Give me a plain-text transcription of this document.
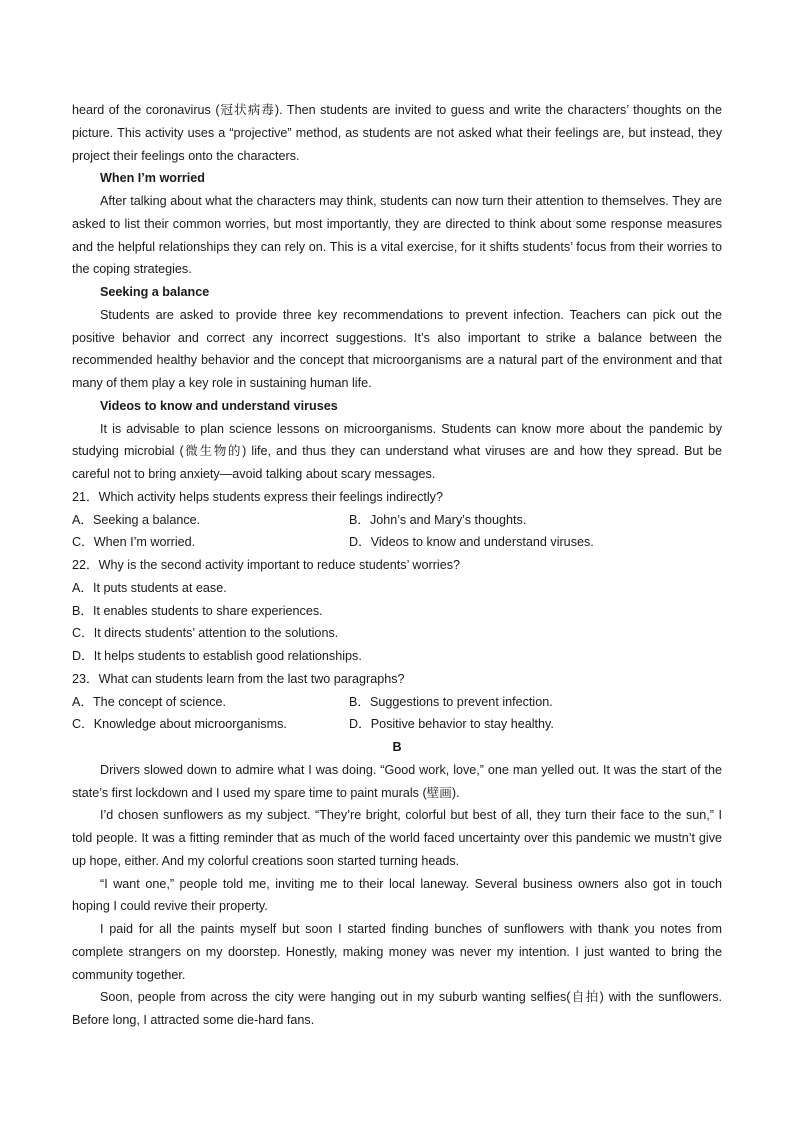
heard of the coronavirus (冠状病毒). Then students are invited to guess and write the characters’ thoughts on the picture. This activity uses a “projective” method, as students are not asked what their feelings are, but instead, they project their feelings onto the characters.

When I’m worried

After talking about what the characters may think, students can now turn their attention to themselves. They are asked to list their common worries, but most importantly, they are directed to think about some response measures and the helpful relationships they can rely on. This is a vital exercise, for it shifts students’ focus from their worries to the coping strategies.

Seeking a balance

Students are asked to provide three key recommendations to prevent infection. Teachers can pick out the positive behavior and correct any incorrect suggestions. It’s also important to strike a balance between the recommended healthy behavior and the concept that microorganisms are a natural part of the environment and that many of them play a key role in sustaining human life.

Videos to know and understand viruses

It is advisable to plan science lessons on microorganisms. Students can know more about the pandemic by studying microbial (微生物的) life, and thus they can understand what viruses are and how they spread. But be careful not to bring anxiety—avoid talking about scary messages.

21．Which activity helps students express their feelings indirectly?

A．Seeking a balance.	B．John’s and Mary’s thoughts.
C．When I’m worried.	D．Videos to know and understand viruses.

22．Why is the second activity important to reduce students’ worries?

A．It puts students at ease.

B．It enables students to share experiences.

C．It directs students’ attention to the solutions.

D．It helps students to establish good relationships.

23．What can students learn from the last two paragraphs?

A．The concept of science.	B．Suggestions to prevent infection.
C．Knowledge about microorganisms.	D．Positive behavior to stay healthy.

B

Drivers slowed down to admire what I was doing. “Good work, love,” one man yelled out. It was the start of the state’s first lockdown and I used my spare time to paint murals (壁画).

I’d chosen sunflowers as my subject. “They’re bright, colorful but best of all, they turn their face to the sun,” I told people. It was a fitting reminder that as much of the world faced uncertainty over this pandemic we mustn’t give up hope, either. And my colorful creations soon started turning heads.

“I want one,” people told me, inviting me to their local laneway. Several business owners also got in touch hoping I could revive their property.

I paid for all the paints myself but soon I started finding bunches of sunflowers with thank you notes from complete strangers on my doorstep. Honestly, making money was never my intention. I just wanted to bring the community together.

Soon, people from across the city were hanging out in my suburb wanting selfies(自拍) with the sunflowers. Before long, I attracted some die-hard fans.
